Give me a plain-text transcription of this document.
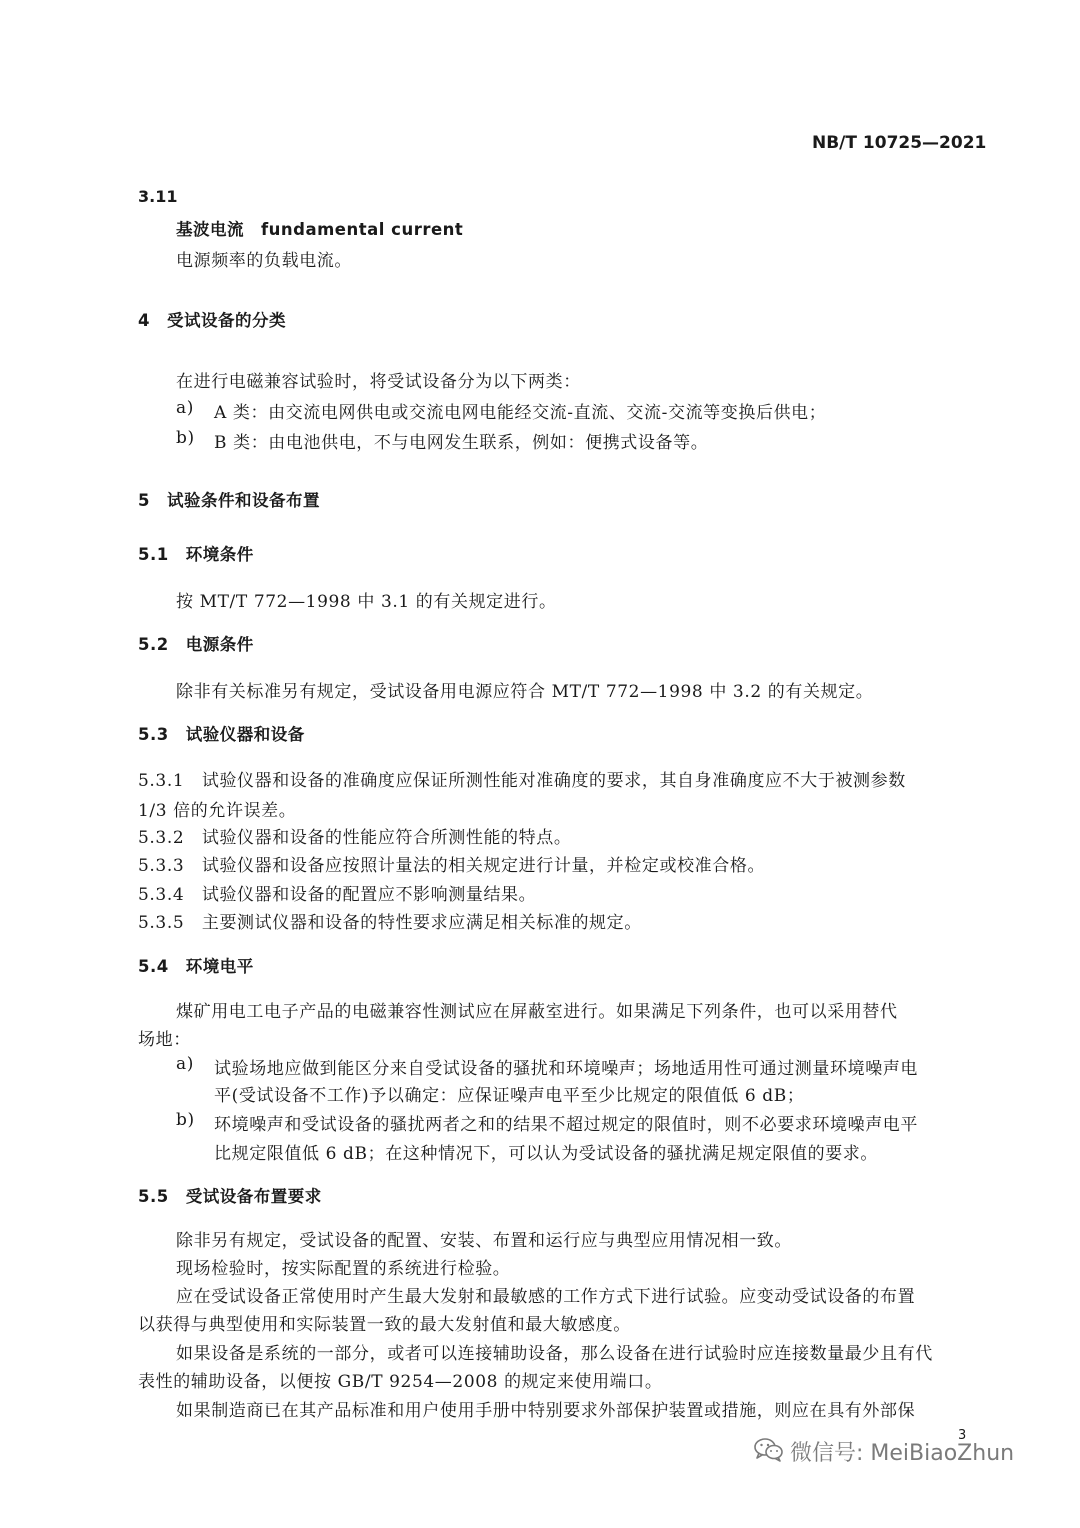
NB/T 10725—2021
3.11
基波电流　fundamental current
电源频率的负载电流。
4　受试设备的分类
在进行电磁兼容试验时，将受试设备分为以下两类：
a) A 类：由交流电网供电或交流电网电能经交流-直流、交流-交流等变换后供电；
b) B 类：由电池供电，不与电网发生联系，例如：便携式设备等。
5　试验条件和设备布置
5.1　环境条件
按 MT/T 772—1998 中 3.1 的有关规定进行。
5.2　电源条件
除非有关标准另有规定，受试设备用电源应符合 MT/T 772—1998 中 3.2 的有关规定。
5.3　试验仪器和设备
5.3.1　试验仪器和设备的准确度应保证所测性能对准确度的要求，其自身准确度应不大于被测参数
1/3 倍的允许误差。
5.3.2　试验仪器和设备的性能应符合所测性能的特点。
5.3.3　试验仪器和设备应按照计量法的相关规定进行计量，并检定或校准合格。
5.3.4　试验仪器和设备的配置应不影响测量结果。
5.3.5　主要测试仪器和设备的特性要求应满足相关标准的规定。
5.4　环境电平
煤矿用电工电子产品的电磁兼容性测试应在屏蔽室进行。如果满足下列条件，也可以采用替代
场地：
a) 试验场地应做到能区分来自受试设备的骚扰和环境噪声；场地适用性可通过测量环境噪声电
平(受试设备不工作)予以确定：应保证噪声电平至少比规定的限值低 6 dB；
b) 环境噪声和受试设备的骚扰两者之和的结果不超过规定的限值时，则不必要求环境噪声电平
比规定限值低 6 dB；在这种情况下，可以认为受试设备的骚扰满足规定限值的要求。
5.5　受试设备布置要求
除非另有规定，受试设备的配置、安装、布置和运行应与典型应用情况相一致。
现场检验时，按实际配置的系统进行检验。
应在受试设备正常使用时产生最大发射和最敏感的工作方式下进行试验。应变动受试设备的布置
以获得与典型使用和实际装置一致的最大发射值和最大敏感度。
如果设备是系统的一部分，或者可以连接辅助设备，那么设备在进行试验时应连接数量最少且有代
表性的辅助设备，以便按 GB/T 9254—2008 的规定来使用端口。
如果制造商已在其产品标准和用户使用手册中特别要求外部保护装置或措施，则应在具有外部保
3
微信号: MeiBiaoZhun
